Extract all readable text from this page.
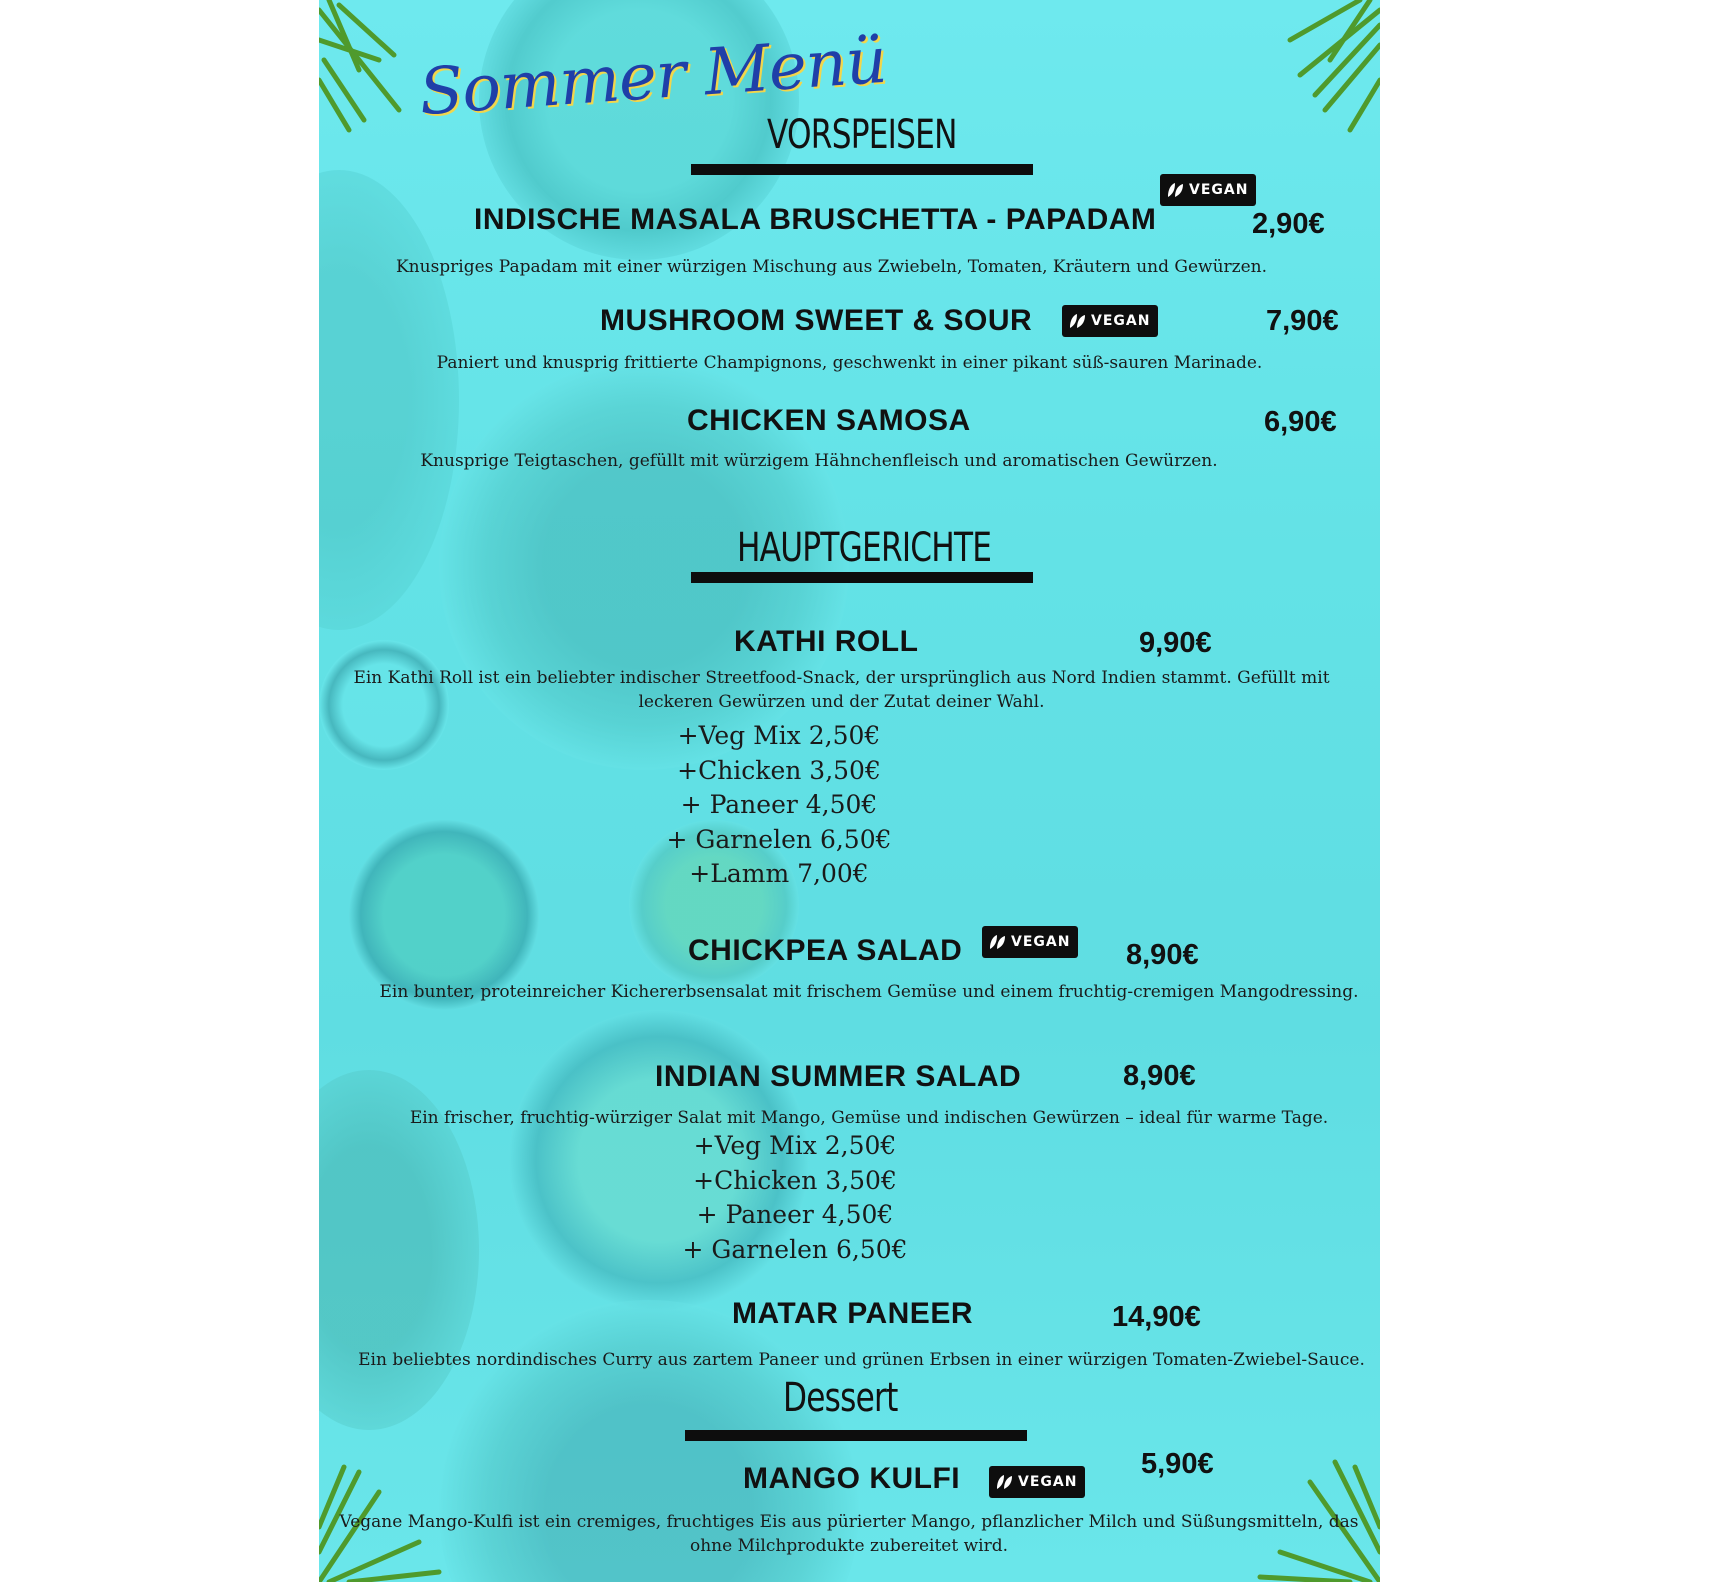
Sommer Menü
VORSPEISEN
VEGAN
INDISCHE MASALA BRUSCHETTA - PAPADAM	2,90€
Knuspriges Papadam mit einer würzigen Mischung aus Zwiebeln, Tomaten, Kräutern und Gewürzen.
MUSHROOM SWEET & SOUR	VEGAN	7,90€
Paniert und knusprig frittierte Champignons, geschwenkt in einer pikant süß-sauren Marinade.
CHICKEN SAMOSA	6,90€
Knusprige Teigtaschen, gefüllt mit würzigem Hähnchenfleisch und aromatischen Gewürzen.
HAUPTGERICHTE
KATHI ROLL	9,90€
Ein Kathi Roll ist ein beliebter indischer Streetfood-Snack, der ursprünglich aus Nord Indien stammt. Gefüllt mit leckeren Gewürzen und der Zutat deiner Wahl.
+Veg Mix 2,50€
+Chicken 3,50€
+ Paneer 4,50€
+ Garnelen 6,50€
+Lamm 7,00€
CHICKPEA SALAD	VEGAN 8,90€
Ein bunter, proteinreicher Kichererbsensalat mit frischem Gemüse und einem fruchtig-cremigen Mangodressing.
INDIAN SUMMER SALAD	8,90€
Ein frischer, fruchtig-würziger Salat mit Mango, Gemüse und indischen Gewürzen – ideal für warme Tage.
+Veg Mix 2,50€
+Chicken 3,50€
+ Paneer 4,50€
+ Garnelen 6,50€
MATAR PANEER	14,90€
Ein beliebtes nordindisches Curry aus zartem Paneer und grünen Erbsen in einer würzigen Tomaten-Zwiebel-Sauce.
Dessert
MANGO KULFI	VEGAN
5,90€
Vegane Mango-Kulfi ist ein cremiges, fruchtiges Eis aus pürierter Mango, pflanzlicher Milch und Süßungsmitteln, das ohne Milchprodukte zubereitet wird.
